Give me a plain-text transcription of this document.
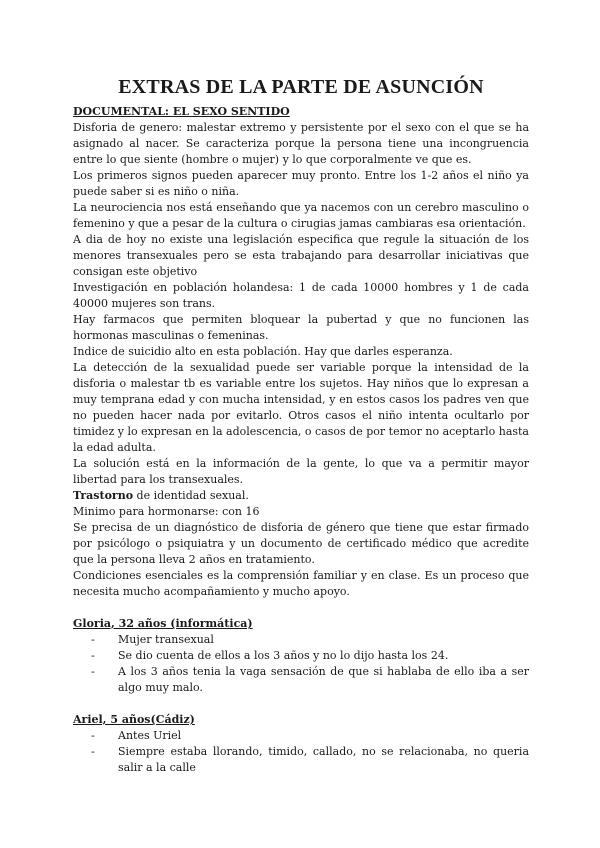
EXTRAS DE LA PARTE DE ASUNCIÓN

DOCUMENTAL: EL SEXO SENTIDO

Disforia de genero: malestar extremo y persistente por el sexo con el que se ha asignado al nacer. Se caracteriza porque la persona tiene una incongruencia entre lo que siente (hombre o mujer) y lo que corporalmente ve que es.

Los primeros signos pueden aparecer muy pronto. Entre los 1-2 años el niño ya puede saber si es niño o niña.

La neurociencia nos está enseñando que ya nacemos con un cerebro masculino o femenino y que a pesar de la cultura o cirugias jamas cambiaras esa orientación.

A dia de hoy no existe una legislación especifica que regule la situación de los menores transexuales pero se esta trabajando para desarrollar iniciativas que consigan este objetivo

Investigación en población holandesa: 1 de cada 10000 hombres y 1 de cada 40000 mujeres son trans.

Hay farmacos que permiten bloquear la pubertad y que no funcionen las hormonas masculinas o femeninas.

Indice de suicidio alto en esta población. Hay que darles esperanza.

La detección de la sexualidad puede ser variable porque la intensidad de la disforia o malestar tb es variable entre los sujetos. Hay niños que lo expresan a muy temprana edad y con mucha intensidad, y en estos casos los padres ven que no pueden hacer nada por evitarlo. Otros casos el niño intenta ocultarlo por timidez y lo expresan en la adolescencia, o casos de por temor no aceptarlo hasta la edad adulta.

La solución está en la información de la gente, lo que va a permitir mayor libertad para los transexuales.

Trastorno de identidad sexual.

Minimo para hormonarse: con 16

Se precisa de un diagnóstico de disforia de género que tiene que estar firmado por psicólogo o psiquiatra y un documento de certificado médico que acredite que la persona lleva 2 años en tratamiento.

Condiciones esenciales es la comprensión familiar y en clase. Es un proceso que necesita mucho acompañamiento y mucho apoyo.

Gloria, 32 años (informática)

- Mujer transexual
- Se dio cuenta de ellos a los 3 años y no lo dijo hasta los 24.
- A los 3 años tenia la vaga sensación de que si hablaba de ello iba a ser algo muy malo.

Ariel, 5 años(Cádiz)

- Antes Uriel
- Siempre estaba llorando, timido, callado, no se relacionaba, no queria salir a la calle
